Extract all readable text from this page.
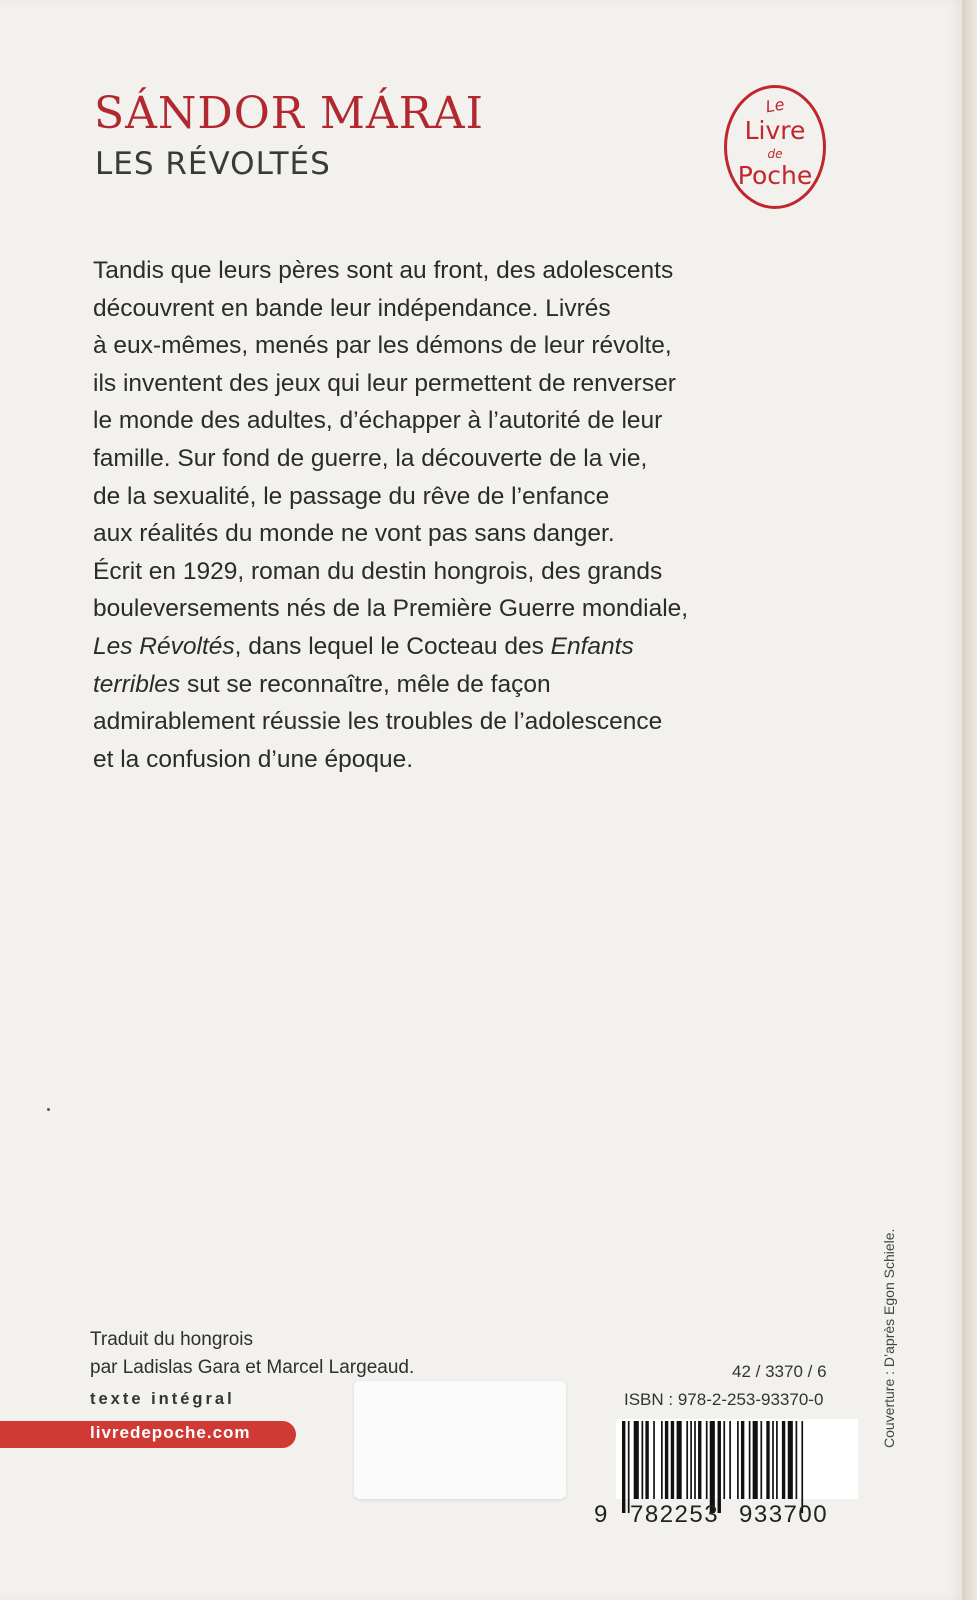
SÁNDOR MÁRAI
LES RÉVOLTÉS
Le
Livre
de
Poche
Tandis que leurs pères sont au front, des adolescents
découvrent en bande leur indépendance. Livrés
à eux-mêmes, menés par les démons de leur révolte,
ils inventent des jeux qui leur permettent de renverser
le monde des adultes, d’échapper à l’autorité de leur
famille. Sur fond de guerre, la découverte de la vie,
de la sexualité, le passage du rêve de l’enfance
aux réalités du monde ne vont pas sans danger.
Écrit en 1929, roman du destin hongrois, des grands
bouleversements nés de la Première Guerre mondiale,
Les Révoltés, dans lequel le Cocteau des Enfants
terribles sut se reconnaître, mêle de façon
admirablement réussie les troubles de l’adolescence
et la confusion d’une époque.
Traduit du hongrois
par Ladislas Gara et Marcel Largeaud.
texte intégral
livredepoche.com
42 / 3370 / 6
ISBN : 978-2-253-93370-0
9 782253 933700
Couverture : D’après Egon Schiele.
